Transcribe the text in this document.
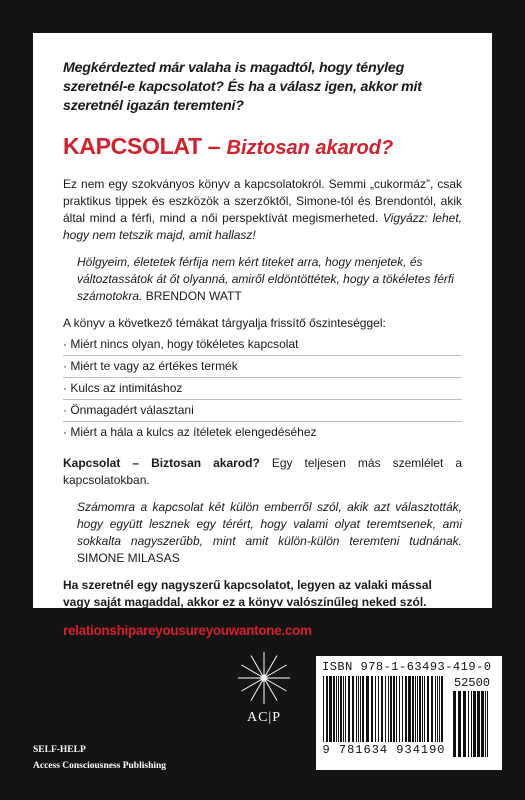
Megkérdezted már valaha is magadtól, hogy tényleg szeretnél-e kapcsolatot? És ha a válasz igen, akkor mit szeretnél igazán teremteni?

KAPCSOLAT – Biztosan akarod?

Ez nem egy szokványos könyv a kapcsolatokról. Semmi „cukormáz”, csak praktikus tippek és eszközök a szerzőktől, Simone-tól és Brendontól, akik által mind a férfi, mind a női perspektívát megismerheted. Vigyázz: lehet, hogy nem tetszik majd, amit hallasz!

Hölgyeim, életetek férfija nem kért titeket arra, hogy menjetek, és változtassátok át őt olyanná, amiről eldöntöttétek, hogy a tökéletes férfi számotokra. BRENDON WATT
A könyv a következő témákat tárgyalja frissítő őszinteséggel:
· Miért nincs olyan, hogy tökéletes kapcsolat
· Miért te vagy az értékes termék
· Kulcs az intimitáshoz
· Önmagadért választani
· Miért a hála a kulcs az ítéletek elengedéséhez

Kapcsolat – Biztosan akarod? Egy teljesen más szemlélet a kapcsolatokban.

Számomra a kapcsolat két külön emberről szól, akik azt választották, hogy együtt lesznek egy térért, hogy valami olyat teremtsenek, ami sokkalta nagyszerűbb, mint amit külön-külön teremteni tudnának. SIMONE MILASAS

Ha szeretnél egy nagyszerű kapcsolatot, legyen az valaki mással vagy saját magaddal, akkor ez a könyv valószínűleg neked szól.

relationshipareyousureyouwantone.com
AC|P
SELF-HELP
Access Consciousness Publishing
ISBN 978-1-63493-419-0
9 781634 934190
52500
